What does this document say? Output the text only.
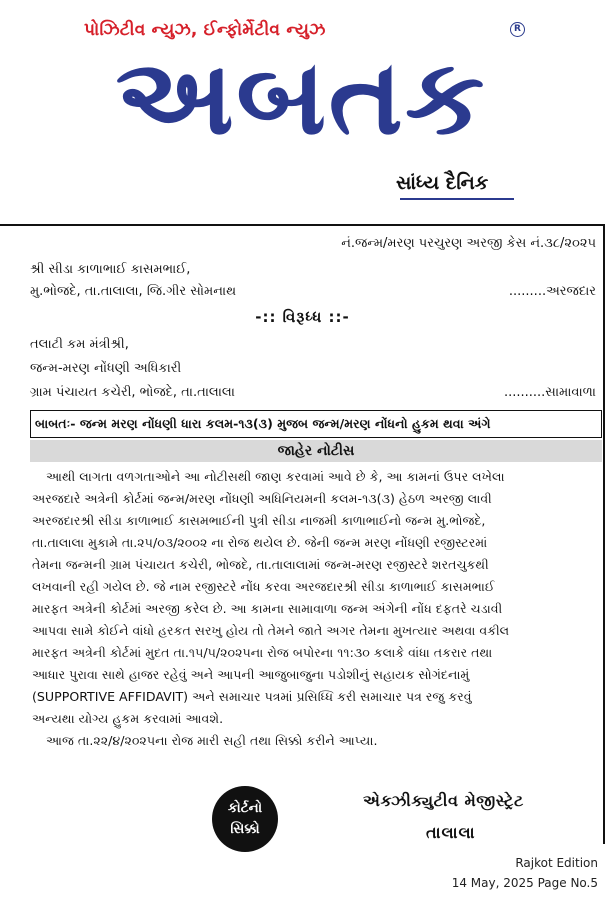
પોઝિટીવ ન્યુઝ, ઈન્ફોર્મેટીવ ન્યુઝ	R
અબતક
સાંધ્ય દૈનિક
નં.જન્મ/મરણ પરચુરણ અરજી કેસ નં.૩૮/૨૦૨૫
શ્રી સીડા કાળાભાઈ કાસમભાઈ,
મુ.ભોજદે, તા.તાલાલા, જિ.ગીર સોમનાથ	.........અરજદાર
-:: વિરૂધ્ધ ::-
તલાટી કમ મંત્રીશ્રી,
જન્મ-મરણ નોંધણી અધિકારી
ગ્રામ પંચાયત કચેરી, ભોજદે, તા.તાલાલા	..........સામાવાળા
બાબતઃ- જન્મ મરણ નોંધણી ધારા કલમ-૧૩(૩) મુજબ જન્મ/મરણ નોંધનો હુકમ થવા અંગે
જાહેર નોટીસ
આથી લાગતા વળગતાઓને આ નોટીસથી જાણ કરવામાં આવે છે કે, આ કામનાં ઉપર લખેલા
અરજદારે અત્રેની કોર્ટમાં જન્મ/મરણ નોંધણી અધિનિયમની કલમ-૧૩(૩) હેઠળ અરજી લાવી
અરજદારશ્રી સીડા કાળાભાઈ કાસમભાઈની પુત્રી સીડા નાજમી કાળાભાઈનો જન્મ મુ.ભોજદે,
તા.તાલાલા મુકામે તા.૨૫/૦૩/૨૦૦૨ ના રોજ થયેલ છે. જેની જન્મ મરણ નોંધણી રજીસ્ટરમાં
તેમના જન્મની ગ્રામ પંચાયત કચેરી, ભોજદે, તા.તાલાલામાં જન્મ-મરણ રજીસ્ટરે શરતચુકથી
લખવાની રહી ગયેલ છે. જે નામ રજીસ્ટરે નોંધ કરવા અરજદારશ્રી સીડા કાળાભાઈ કાસમભાઈ
મારફત અત્રેની કોર્ટમાં અરજી કરેલ છે. આ કામના સામાવાળા જન્મ અંગેની નોંધ દફતરે ચડાવી
આપવા સામે કોઈને વાંધો હરકત સરખુ હોય તો તેમને જાતે અગર તેમના મુખત્યાર અથવા વકીલ
મારફત અત્રેની કોર્ટમાં મુદત તા.૧૫/૫/૨૦૨૫ના રોજ બપોરના ૧૧:૩૦ કલાકે વાંધા તકરાર તથા
આધાર પુરાવા સાથે હાજર રહેવું અને આપની આજુબાજુના પડોશીનું સહાયક સોગંદનામું
(SUPPORTIVE AFFIDAVIT) અને સમાચાર પત્રમાં પ્રસિધ્ધિ કરી સમાચાર પત્ર રજુ કરવું
અન્યથા યોગ્ય હુકમ કરવામાં આવશે.
આજ તા.૨૨/૪/૨૦૨૫ના રોજ મારી સહી તથા સિક્કો કરીને આપ્યા.
કોર્ટનો
સિક્કો
એક્ઝીક્યુટીવ મેજીસ્ટ્રેટ
તાલાલા
Rajkot Edition
14 May, 2025 Page No.5
